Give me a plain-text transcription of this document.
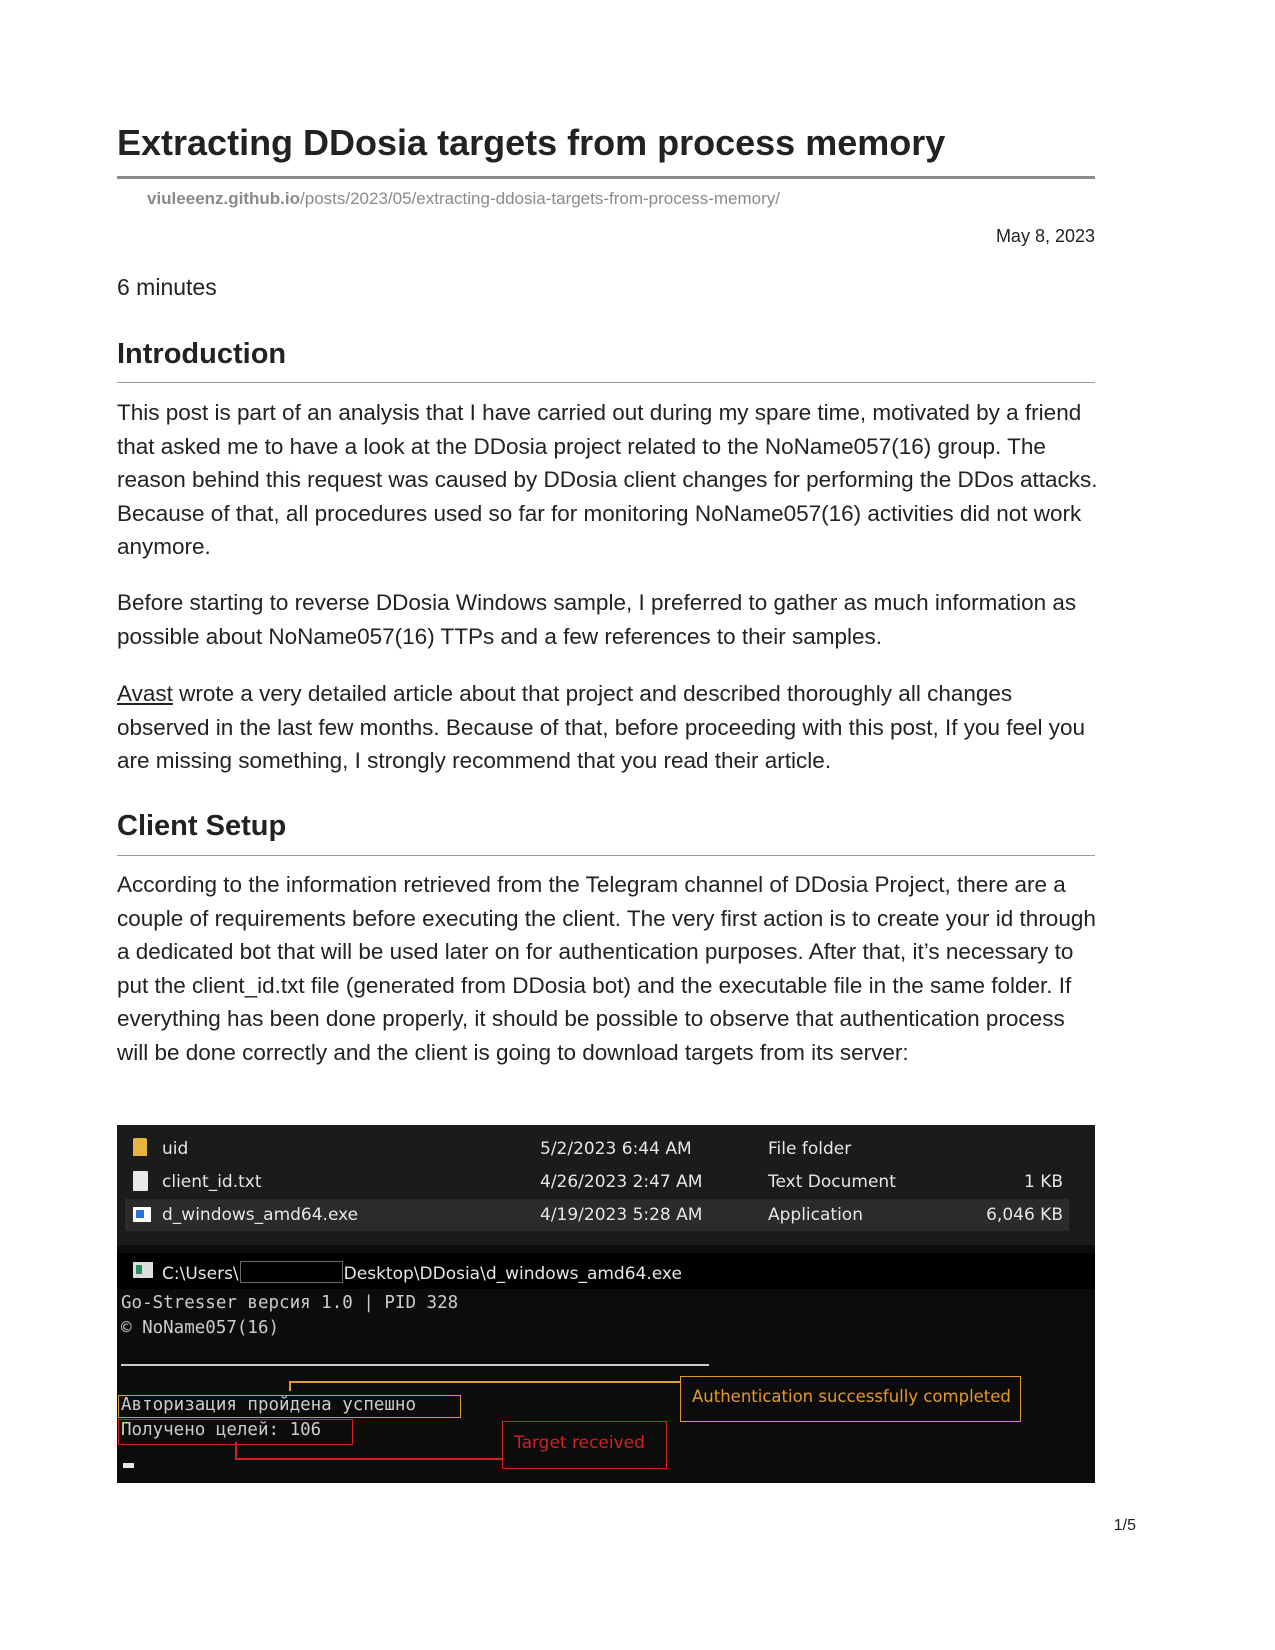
Extracting DDosia targets from process memory
viuleeenz.github.io/posts/2023/05/extracting-ddosia-targets-from-process-memory/
May 8, 2023
6 minutes
Introduction

This post is part of an analysis that I have carried out during my spare time, motivated by a friend that asked me to have a look at the DDosia project related to the NoName057(16) group. The reason behind this request was caused by DDosia client changes for performing the DDos attacks. Because of that, all procedures used so far for monitoring NoName057(16) activities did not work anymore.

Before starting to reverse DDosia Windows sample, I preferred to gather as much information as possible about NoName057(16) TTPs and a few references to their samples.

Avast wrote a very detailed article about that project and described thoroughly all changes observed in the last few months. Because of that, before proceeding with this post, If you feel you are missing something, I strongly recommend that you read their article.

Client Setup

According to the information retrieved from the Telegram channel of DDosia Project, there are a couple of requirements before executing the client. The very first action is to create your id through a dedicated bot that will be used later on for authentication purposes. After that, it’s necessary to put the client_id.txt file (generated from DDosia bot) and the executable file in the same folder. If everything has been done properly, it should be possible to observe that authentication process will be done correctly and the client is going to download targets from its server:

uid	5/2/2023 6:44 AM	File folder
client_id.txt	4/26/2023 2:47 AM	Text Document	1 KB
d_windows_amd64.exe	4/19/2023 5:28 AM	Application	6,046 KB
C:\Users\	Desktop\DDosia\d_windows_amd64.exe
Go-Stresser версия 1.0 | PID 328
© NoName057(16)
Авторизация пройдена успешно
Получено целей: 106
Authentication successfully completed
Target received
1/5
